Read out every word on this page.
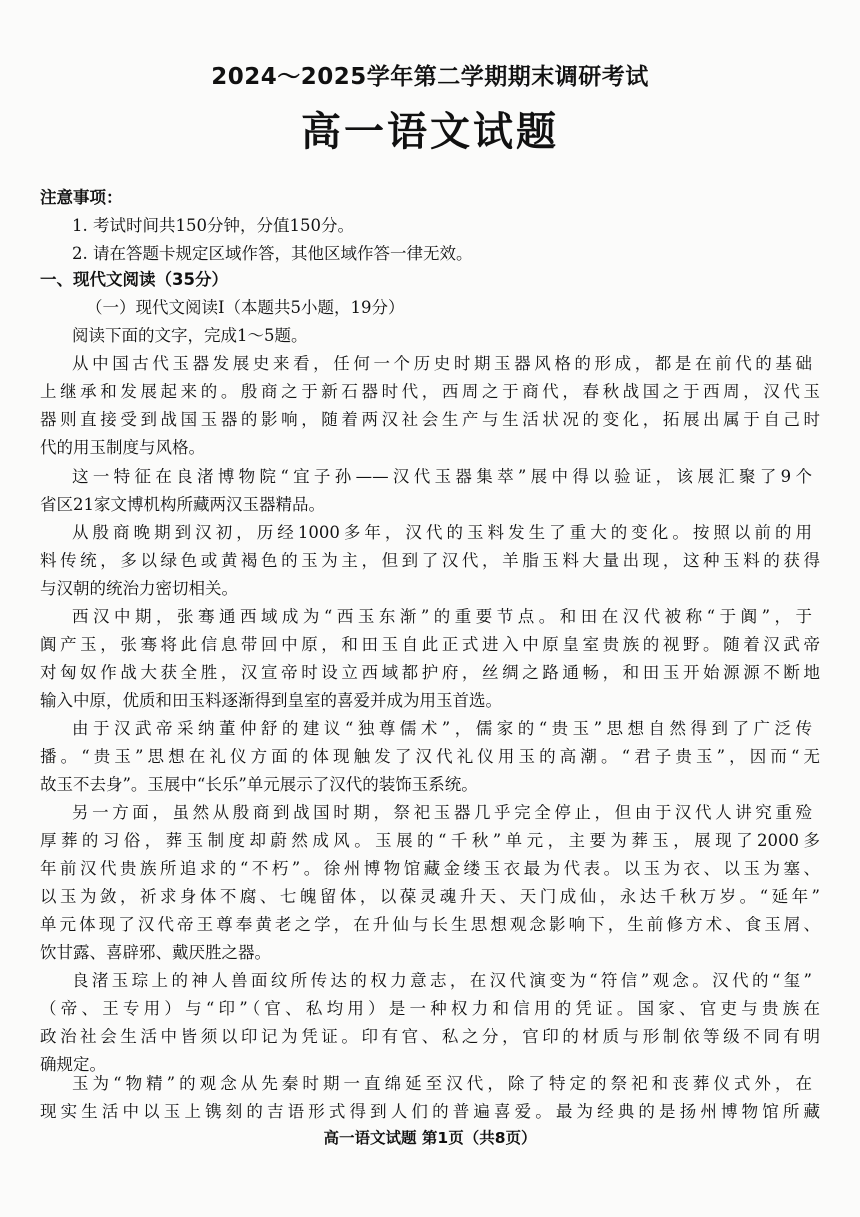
2024～2025学年第二学期期末调研考试
高一语文试题
注意事项：
1. 考试时间共150分钟，分值150分。
2. 请在答题卡规定区域作答，其他区域作答一律无效。
一、现代文阅读（35分）
（一）现代文阅读Ⅰ（本题共5小题，19分）
阅读下面的文字，完成1～5题。
从中国古代玉器发展史来看，任何一个历史时期玉器风格的形成，都是在前代的基础
上继承和发展起来的。殷商之于新石器时代，西周之于商代，春秋战国之于西周，汉代玉
器则直接受到战国玉器的影响，随着两汉社会生产与生活状况的变化，拓展出属于自己时
代的用玉制度与风格。
这一特征在良渚博物院“宜子孙——汉代玉器集萃”展中得以验证，该展汇聚了9个
省区21家文博机构所藏两汉玉器精品。
从殷商晚期到汉初，历经1000多年，汉代的玉料发生了重大的变化。按照以前的用
料传统，多以绿色或黄褐色的玉为主，但到了汉代，羊脂玉料大量出现，这种玉料的获得
与汉朝的统治力密切相关。
西汉中期，张骞通西域成为“西玉东渐”的重要节点。和田在汉代被称“于阗”，于
阗产玉，张骞将此信息带回中原，和田玉自此正式进入中原皇室贵族的视野。随着汉武帝
对匈奴作战大获全胜，汉宣帝时设立西域都护府，丝绸之路通畅，和田玉开始源源不断地
输入中原，优质和田玉料逐渐得到皇室的喜爱并成为用玉首选。
由于汉武帝采纳董仲舒的建议“独尊儒术”，儒家的“贵玉”思想自然得到了广泛传
播。“贵玉”思想在礼仪方面的体现触发了汉代礼仪用玉的高潮。“君子贵玉”，因而“无
故玉不去身”。玉展中“长乐”单元展示了汉代的装饰玉系统。
另一方面，虽然从殷商到战国时期，祭祀玉器几乎完全停止，但由于汉代人讲究重殓
厚葬的习俗，葬玉制度却蔚然成风。玉展的“千秋”单元，主要为葬玉，展现了2000多
年前汉代贵族所追求的“不朽”。徐州博物馆藏金缕玉衣最为代表。以玉为衣、以玉为塞、
以玉为敛，祈求身体不腐、七魄留体，以葆灵魂升天、天门成仙，永达千秋万岁。“延年”
单元体现了汉代帝王尊奉黄老之学，在升仙与长生思想观念影响下，生前修方术、食玉屑、
饮甘露、喜辟邪、戴厌胜之器。
良渚玉琮上的神人兽面纹所传达的权力意志，在汉代演变为“符信”观念。汉代的“玺”
（帝、王专用）与“印”（官、私均用）是一种权力和信用的凭证。国家、官吏与贵族在
政治社会生活中皆须以印记为凭证。印有官、私之分，官印的材质与形制依等级不同有明
确规定。
玉为“物精”的观念从先秦时期一直绵延至汉代，除了特定的祭祀和丧葬仪式外，在
现实生活中以玉上镌刻的吉语形式得到人们的普遍喜爱。最为经典的是扬州博物馆所藏
高一语文试题 第1页（共8页）
